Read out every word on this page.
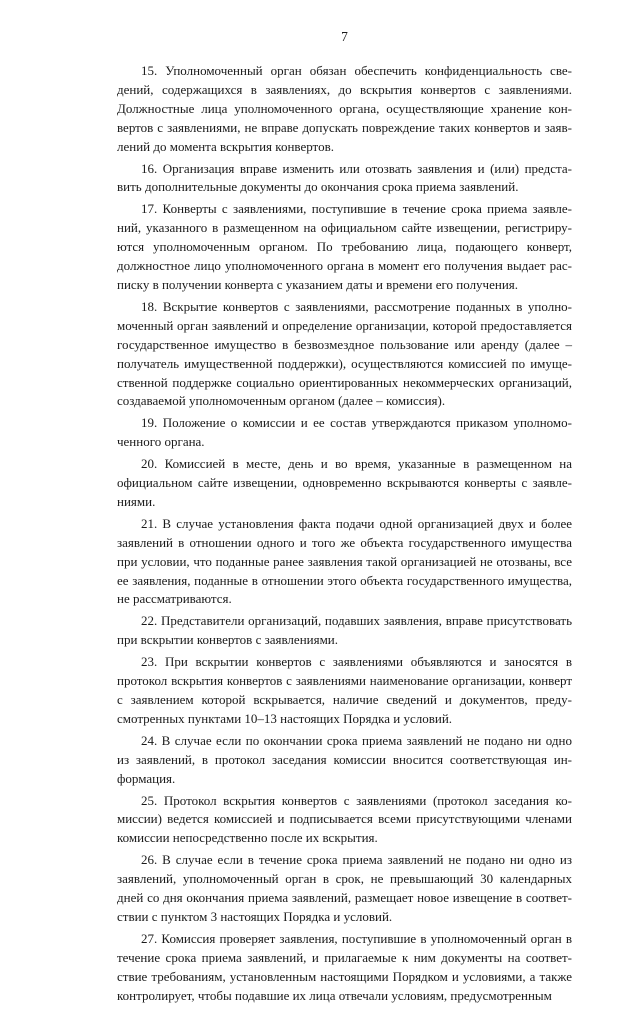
7

15. Уполномоченный орган обязан обеспечить конфиденциальность сведений, содержащихся в заявлениях, до вскрытия конвертов с заявлениями. Должностные лица уполномоченного органа, осуществляющие хранение конвертов с заявлениями, не вправе допускать повреждение таких конвертов и заявлений до момента вскрытия конвертов.

16. Организация вправе изменить или отозвать заявления и (или) представить дополнительные документы до окончания срока приема заявлений.

17. Конверты с заявлениями, поступившие в течение срока приема заявлений, указанного в размещенном на официальном сайте извещении, регистрируются уполномоченным органом. По требованию лица, подающего конверт, должностное лицо уполномоченного органа в момент его получения выдает расписку в получении конверта с указанием даты и времени его получения.

18. Вскрытие конвертов с заявлениями, рассмотрение поданных в уполномоченный орган заявлений и определение организации, которой предоставляется государственное имущество в безвозмездное пользование или аренду (далее – получатель имущественной поддержки), осуществляются комиссией по имущественной поддержке социально ориентированных некоммерческих организаций, создаваемой уполномоченным органом (далее – комиссия).

19. Положение о комиссии и ее состав утверждаются приказом уполномоченного органа.

20. Комиссией в месте, день и во время, указанные в размещенном на официальном сайте извещении, одновременно вскрываются конверты с заявлениями.

21. В случае установления факта подачи одной организацией двух и более заявлений в отношении одного и того же объекта государственного имущества при условии, что поданные ранее заявления такой организацией не отозваны, все ее заявления, поданные в отношении этого объекта государственного имущества, не рассматриваются.

22. Представители организаций, подавших заявления, вправе присутствовать при вскрытии конвертов с заявлениями.

23. При вскрытии конвертов с заявлениями объявляются и заносятся в протокол вскрытия конвертов с заявлениями наименование организации, конверт с заявлением которой вскрывается, наличие сведений и документов, предусмотренных пунктами 10–13 настоящих Порядка и условий.

24. В случае если по окончании срока приема заявлений не подано ни одно из заявлений, в протокол заседания комиссии вносится соответствующая информация.

25. Протокол вскрытия конвертов с заявлениями (протокол заседания комиссии) ведется комиссией и подписывается всеми присутствующими членами комиссии непосредственно после их вскрытия.

26. В случае если в течение срока приема заявлений не подано ни одно из заявлений, уполномоченный орган в срок, не превышающий 30 календарных дней со дня окончания приема заявлений, размещает новое извещение в соответствии с пунктом 3 настоящих Порядка и условий.

27. Комиссия проверяет заявления, поступившие в уполномоченный орган в течение срока приема заявлений, и прилагаемые к ним документы на соответствие требованиям, установленным настоящими Порядком и условиями, а также контролирует, чтобы подавшие их лица отвечали условиям, предусмотренным
